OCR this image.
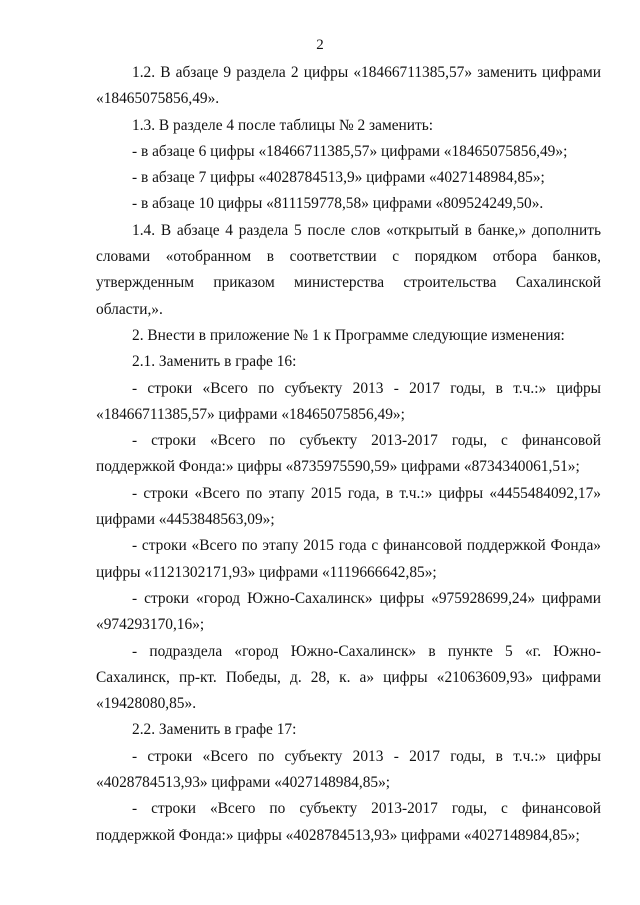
2

1.2. В абзаце 9 раздела 2 цифры «18466711385,57» заменить цифрами «18465075856,49».

1.3. В разделе 4 после таблицы № 2 заменить:

- в абзаце 6 цифры «18466711385,57» цифрами «18465075856,49»;

- в абзаце 7 цифры «4028784513,9» цифрами «4027148984,85»;

- в абзаце 10 цифры «811159778,58» цифрами «809524249,50».

1.4. В абзаце 4 раздела 5 после слов «открытый в банке,» дополнить словами «отобранном в соответствии с порядком отбора банков, утвержденным приказом министерства строительства Сахалинской области,».

2. Внести в приложение № 1 к Программе следующие изменения:

2.1. Заменить в графе 16:

- строки «Всего по субъекту 2013 - 2017 годы, в т.ч.:» цифры «18466711385,57» цифрами «18465075856,49»;

- строки «Всего по субъекту 2013-2017 годы, с финансовой поддержкой Фонда:» цифры «8735975590,59» цифрами «8734340061,51»;

- строки «Всего по этапу 2015 года, в т.ч.:» цифры «4455484092,17» цифрами «4453848563,09»;

- строки «Всего по этапу 2015 года с финансовой поддержкой Фонда» цифры «1121302171,93» цифрами «1119666642,85»;

- строки «город Южно-Сахалинск» цифры «975928699,24» цифрами «974293170,16»;

- подраздела «город Южно-Сахалинск» в пункте 5 «г. Южно-Сахалинск, пр-кт. Победы, д. 28, к. а» цифры «21063609,93» цифрами «19428080,85».

2.2. Заменить в графе 17:

- строки «Всего по субъекту 2013 - 2017 годы, в т.ч.:» цифры «4028784513,93» цифрами «4027148984,85»;

- строки «Всего по субъекту 2013-2017 годы, с финансовой поддержкой Фонда:» цифры «4028784513,93» цифрами «4027148984,85»;
